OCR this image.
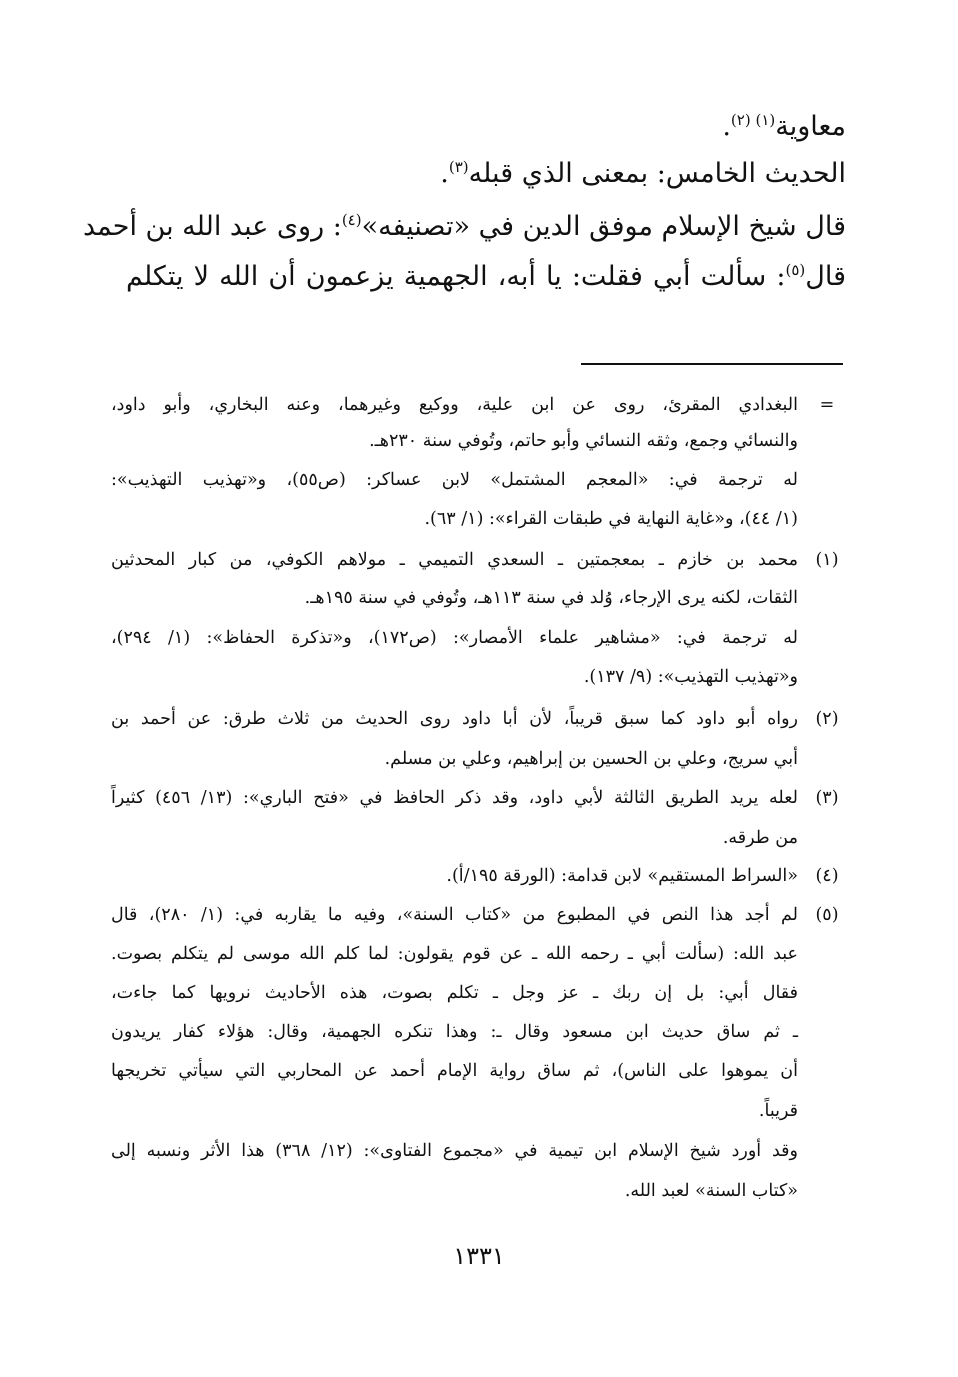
معاوية$^{(١) (٢)}$.
الحديث الخامس: بمعنى الذي قبله$^{(٣)}$.
قال شيخ الإسلام موفق الدين في «تصنيفه»$^{(٤)}$: روى عبد الله بن أحمد
قال$^{(٥)}$: سألت أبي فقلت: يا أبه، الجهمية يزعمون أن الله لا يتكلم
=
البغدادي المقرئ، روى عن ابن علية، ووكيع وغيرهما، وعنه البخاري، وأبو داود،
والنسائي وجمع، وثقه النسائي وأبو حاتم، وتُوفي سنة ٢٣٠هـ.
له ترجمة في: «المعجم المشتمل» لابن عساكر: (ص٥٥)، و«تهذيب التهذيب»:
(١/ ٤٤)، و«غاية النهاية في طبقات القراء»: (١/ ٦٣).
(١)
محمد بن خازم ـ بمعجمتين ـ السعدي التميمي ـ مولاهم الكوفي، من كبار المحدثين
الثقات، لكنه يرى الإرجاء، وُلد في سنة ١١٣هـ، وتُوفي في سنة ١٩٥هـ.
له ترجمة في: «مشاهير علماء الأمصار»: (ص١٧٢)، و«تذكرة الحفاظ»: (١/ ٢٩٤)،
و«تهذيب التهذيب»: (٩/ ١٣٧).
(٢)
رواه أبو داود كما سبق قريباً، لأن أبا داود روى الحديث من ثلاث طرق: عن أحمد بن
أبي سريج، وعلي بن الحسين بن إبراهيم، وعلي بن مسلم.
(٣)
لعله يريد الطريق الثالثة لأبي داود، وقد ذكر الحافظ في «فتح الباري»: (١٣/ ٤٥٦) كثيراً
من طرقه.
(٤)
«السراط المستقيم» لابن قدامة: (الورقة ١٩٥/أ).
(٥)
لم أجد هذا النص في المطبوع من «كتاب السنة»، وفيه ما يقاربه في: (١/ ٢٨٠)، قال
عبد الله: (سألت أبي ـ رحمه الله ـ عن قوم يقولون: لما كلم الله موسى لم يتكلم بصوت.
فقال أبي: بل إن ربك ـ عز وجل ـ تكلم بصوت، هذه الأحاديث نرويها كما جاءت،
ـ ثم ساق حديث ابن مسعود وقال ـ: وهذا تنكره الجهمية، وقال: هؤلاء كفار يريدون
أن يموهوا على الناس)، ثم ساق رواية الإمام أحمد عن المحاربي التي سيأتي تخريجها
قريباً.
وقد أورد شيخ الإسلام ابن تيمية في «مجموع الفتاوى»: (١٢/ ٣٦٨) هذا الأثر ونسبه إلى
«كتاب السنة» لعبد الله.
١٣٣١
